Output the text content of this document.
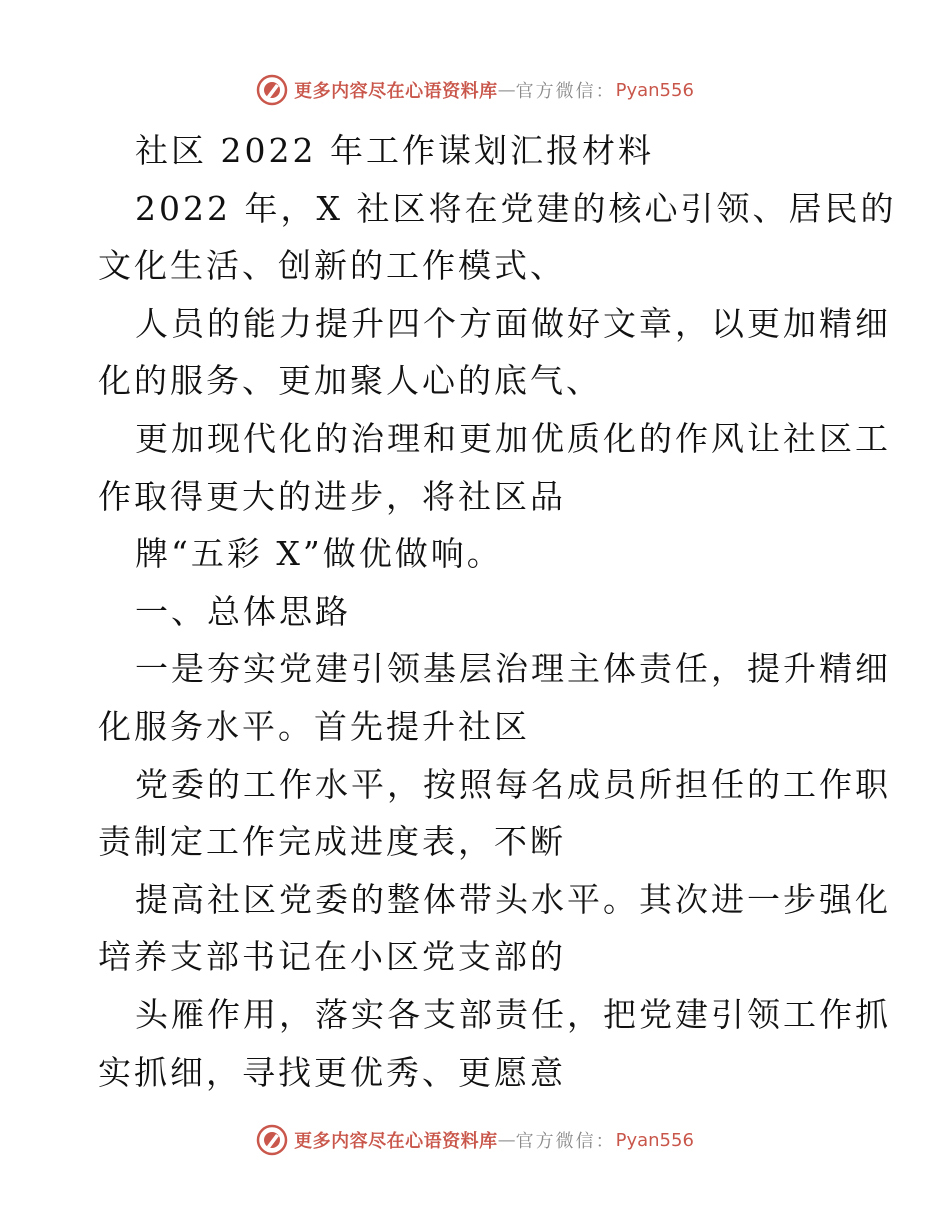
更多内容尽在心语资料库 — 官方微信： Pyan556
社区 2022 年工作谋划汇报材料
2022 年，X 社区将在党建的核心引领、居民的
文化生活、创新的工作模式、
人员的能力提升四个方面做好文章，以更加精细
化的服务、更加聚人心的底气、
更加现代化的治理和更加优质化的作风让社区工
作取得更大的进步，将社区品
牌“五彩 X”做优做响。
一、总体思路
一是夯实党建引领基层治理主体责任，提升精细
化服务水平。首先提升社区
党委的工作水平，按照每名成员所担任的工作职
责制定工作完成进度表，不断
提高社区党委的整体带头水平。其次进一步强化
培养支部书记在小区党支部的
头雁作用，落实各支部责任，把党建引领工作抓
实抓细，寻找更优秀、更愿意
更多内容尽在心语资料库 — 官方微信： Pyan556
